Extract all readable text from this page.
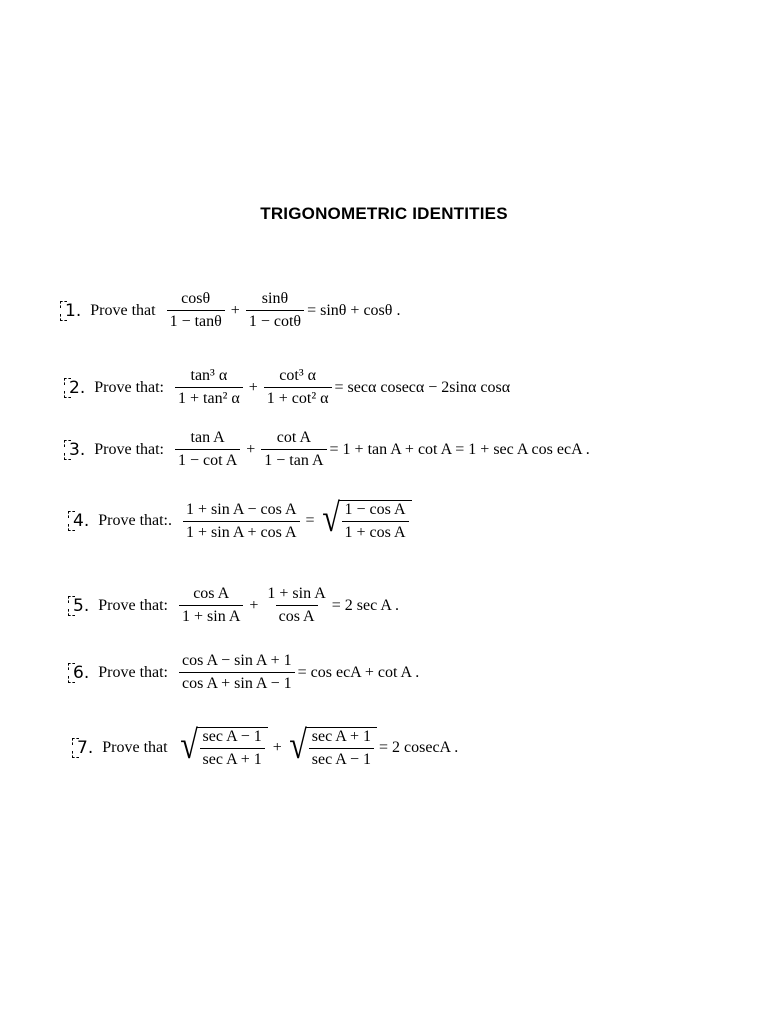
TRIGONOMETRIC IDENTITIES
1. Prove that $\frac{\cos\theta}{1 - \tan\theta} + \frac{\sin\theta}{1 - \cot\theta} = \sin\theta + \cos\theta$ .
2. Prove that: $\frac{\text{tan³ α}}{\text{1 + tan² α}} + \frac{\text{cot³ α}}{\text{1 + cot² α}} = \sec\alpha$ cosecα − 2sinα cosα
3. Prove that: $\frac{\text{tan A}}{\text{1 − cot A}} + \frac{\text{cot A}}{\text{1 − tan A}} = 1 + \tan A + \cot A = 1 + \sec A$ cos ecA .
4. Prove that:. $\frac{\text{1 + sin A − cos A}}{\text{1 + sin A + cos A}}$ = √ $\frac{\text{1 − cos A}}{\text{1 + cos A}}$
5. Prove that: $\frac{\text{cos A}}{\text{1 + sin A}} + \frac{\text{1 + sin A}}{\text{cos A}} = 2$ sec A .
6. Prove that: $\frac{\text{cos A − sin A + 1}}{\text{cos A + sin A − 1}} = \cos$ ecA + cot A .
7. Prove that √ $\frac{\text{sec A − 1}}{\text{sec A + 1}}$ + √ $\frac{\text{sec A + 1}}{\text{sec A − 1}} = 2$ cosecA .
